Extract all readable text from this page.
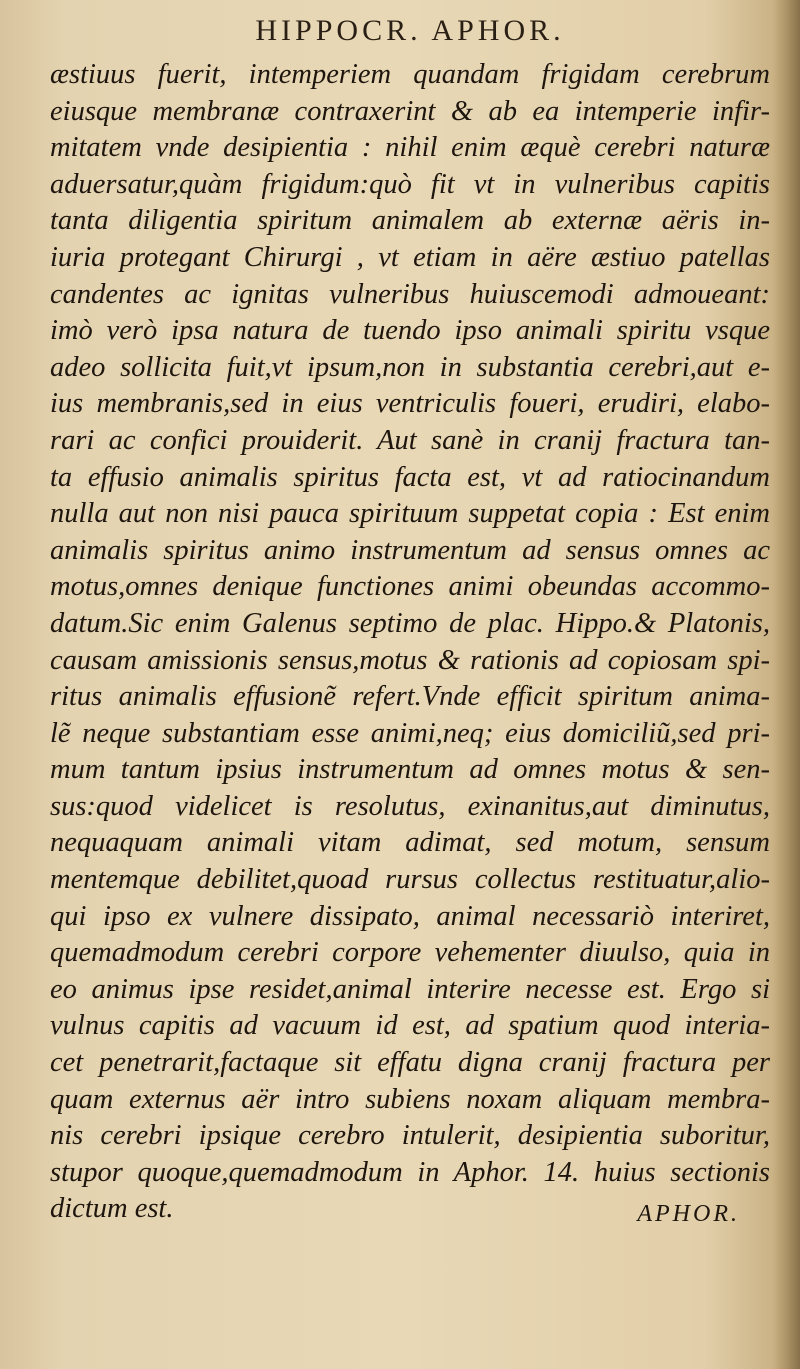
HIPPOCR. APHOR.
æstiuus fuerit, intemperiem quandam frigidam cerebrum
eiusque membranæ contraxerint & ab ea intemperie infir-
mitatem vnde desipientia : nihil enim æquè cerebri naturæ
aduersatur,quàm frigidum:quò fit vt in vulneribus capitis
tanta diligentia spiritum animalem ab externæ aëris in-
iuria protegant Chirurgi , vt etiam in aëre æstiuo patellas
candentes ac ignitas vulneribus huiuscemodi admoueant:
imò verò ipsa natura de tuendo ipso animali spiritu vsque
adeo sollicita fuit,vt ipsum,non in substantia cerebri,aut e-
ius membranis,sed in eius ventriculis foueri, erudiri, elabo-
rari ac confici prouiderit. Aut sanè in cranij fractura tan-
ta effusio animalis spiritus facta est, vt ad ratiocinandum
nulla aut non nisi pauca spirituum suppetat copia : Est enim
animalis spiritus animo instrumentum ad sensus omnes ac
motus,omnes denique functiones animi obeundas accommo-
datum.Sic enim Galenus septimo de plac. Hippo.& Platonis,
causam amissionis sensus,motus & rationis ad copiosam spi-
ritus animalis effusionẽ refert.Vnde efficit spiritum anima-
lẽ neque substantiam esse animi,neq; eius domiciliũ,sed pri-
mum tantum ipsius instrumentum ad omnes motus & sen-
sus:quod videlicet is resolutus, exinanitus,aut diminutus,
nequaquam animali vitam adimat, sed motum, sensum
mentemque debilitet,quoad rursus collectus restituatur,alio-
qui ipso ex vulnere dissipato, animal necessariò interiret,
quemadmodum cerebri corpore vehementer diuulso, quia in
eo animus ipse residet,animal interire necesse est. Ergo si
vulnus capitis ad vacuum id est, ad spatium quod interia-
cet penetrarit,factaque sit effatu digna cranij fractura per
quam externus aër intro subiens noxam aliquam membra-
nis cerebri ipsique cerebro intulerit, desipientia suboritur,
stupor quoque,quemadmodum in Aphor. 14. huius sectionis
dictum est.	APHOR.
